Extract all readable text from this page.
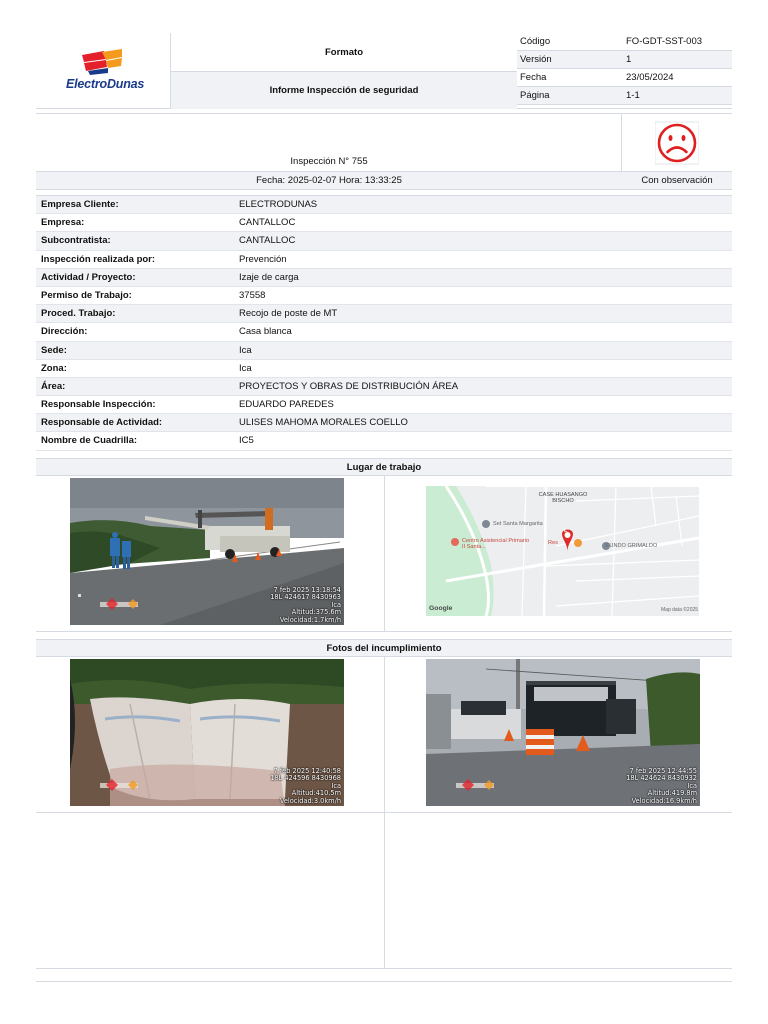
ElectroDunas
Formato
Informe Inspección de seguridad
Código	FO-GDT-SST-003
Versión	1
Fecha	23/05/2024
Página	1-1
Inspección N° 755
Fecha: 2025-02-07 Hora: 13:33:25	Con observación
Empresa Cliente:	ELECTRODUNAS
Empresa:	CANTALLOC
Subcontratista:	CANTALLOC
Inspección realizada por:	Prevención
Actividad / Proyecto:	Izaje de carga
Permiso de Trabajo:	37558
Proced. Trabajo:	Recojo de poste de MT
Dirección:	Casa blanca
Sede:	Ica
Zona:	Ica
Área:	PROYECTOS Y OBRAS DE DISTRIBUCIÓN ÁREA
Responsable Inspección:	EDUARDO PAREDES
Responsable de Actividad:	ULISES MAHOMA MORALES COELLO
Nombre de Cuadrilla:	IC5
Lugar de trabajo
7 feb 2025 13:18:54
18L 424617 8430963
Ica
Altitud:375.6m
Velocidad:1.7km/h
CASE HUASANGO BISCHO
Set Santa Margarita
Centro Asistencial Primario II Santa...	FUNDO GRIMALDO
Res
L
Google	Map data ©2025
Fotos del incumplimiento
7 feb 2025 12:40:58
18L 424596 8430968
Ica
Altitud:410.5m
Velocidad:3.0km/h
7 feb 2025 12:44:55
18L 424624 8430932
Ica
Altitud:419.8m
Velocidad:16.9km/h
